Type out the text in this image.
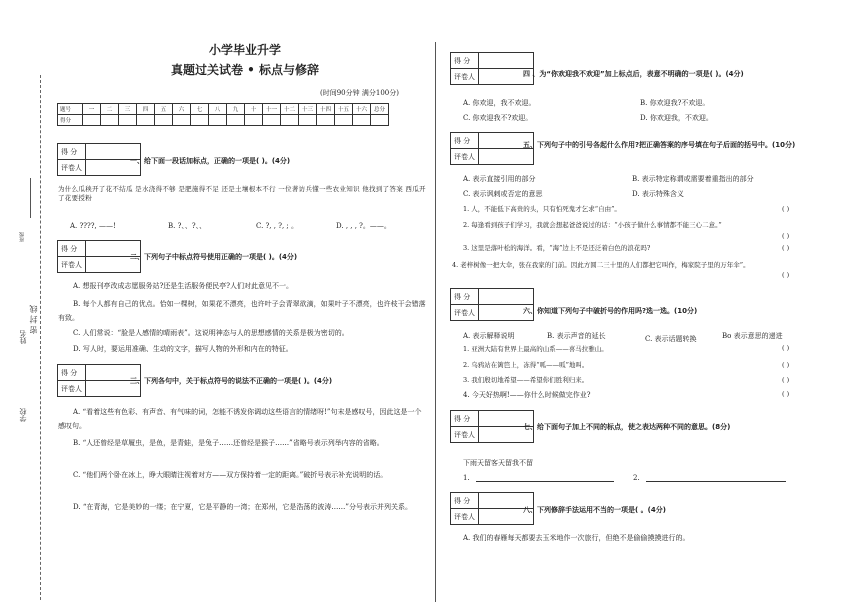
学校
姓名
密 封 线
班级
小学毕业升学
真题过关试卷 • 标点与修辞
(时间90分钟 满分100分)
题号	一	二	三	四	五	六	七	八	九	十	十一	十二	十三	十四	十五	十六	总分
得分																	
得 分	
评卷人	
一、给下面一段话加标点，正确的一项是( )。(4分)
为什么瓜秧开了花不结瓜 是水浇得不够 是肥施得不足 还是土壤根本不行 一位著访兵懂一些农业知识 他找到了答案 西瓜开了花要授粉
A. ????, ——!	B. ?、、?、、	C. ?, , ?, ; 。	D. , , , ?。——。
得 分	
评卷人	
二、下列句子中标点符号使用正确的一项是( )。(4分)
A. 想报刊亭改成志愿服务站?还是生活服务便民亭?人们对此意见不一。
B. 每个人都有自己的优点。恰如一棵树，如果花不漂亮，也许叶子会青翠欲滴，如果叶子不漂亮，也许枝干会错落有致。
C. 人们常说：“脸是人感情的晴雨表”。这说明神态与人的思想感情的关系是极为密切的。
D. 写人时，要运用准确、生动的文字，描写人物的外形和内在的特征。
得 分	
评卷人	
三、下列各句中，关于标点符号的说法不正确的一项是( )。(4分)
A. “看着这些有色彩、有声音、有气味的词，怎能不诱发你调动这些语言的情绪呀!”句末是感叹号，因此这是一个感叹句。
B. “人还曾经是草履虫，是鱼，是青蛙，是兔子……还曾经是猴子……”省略号表示列举内容的省略。
C. “他们两个卧在冰上，睁大眼睛注视着对方——双方保持着一定的距离。”破折号表示补充说明的话。
D. “在青海，它是美妙的一缕；在宁夏，它是平静的一湾；在郑州，它是浩荡的波涛……”分号表示并列关系。
得 分	
评卷人		四 、为“你欢迎我不欢迎”加上标点后，表意不明确的一项是( )。(4分)
A. 你欢迎，我不欢迎。	B. 你欢迎我?不欢迎。
C. 你欢迎我不?欢迎。	D. 你欢迎我，不欢迎。
得 分	
评卷人	
五、下列句子中的引号各起什么作用?把正确答案的序号填在句子后面的括号中。(10分)
A. 表示直接引用的部分	B. 表示特定称谓或需要着重指出的部分
C. 表示讽刺或否定的意思	D. 表示特殊含义
1. 人，不能低下高贵的头，只有怕死鬼才乞求“自由”。	( )
2. 每逢看到孩子们学习，我就会想起爸爸说过的话：“小孩子做什么事情都不能三心二意。”
( )
3. 这里是落叶松的海洋。看，“海”边上不是还泛着白色的浪花吗?	( )
4. 老梓树像一把大伞，张在我家的门前。因此方圆二三十里的人们都把它叫作，梅家院子里的万年伞”。
( )
得 分	
评卷人		六、你知道下列句子中破折号的作用吗?选一选。(10分)
A. 表示解释说明	B. 表示声音的延长	C. 表示话题转换	Bo 表示意思的递进
1. 亚洲大陆有世界上最高的山系——喜马拉雅山。	( )
2. 乌鸦站在篱笆上，冻得“呱——呱”地叫。	( )
3. 我们殷切地希望——希望你们胜利归来。	( )
4. 今天好热啊!——你什么时候做完作业?	( )
得 分	
评卷人	
七、给下面句子加上不同的标点，使之表达两种不同的意思。(8分)
下雨天留客天留我不留
1.	2.
得 分	
评卷人	
八、下列修辞手法运用不当的一项是( 。(4分)
A. 我们的春雁每天都要去玉米地作一次旅行，但绝不是偷偷摸摸进行的。
